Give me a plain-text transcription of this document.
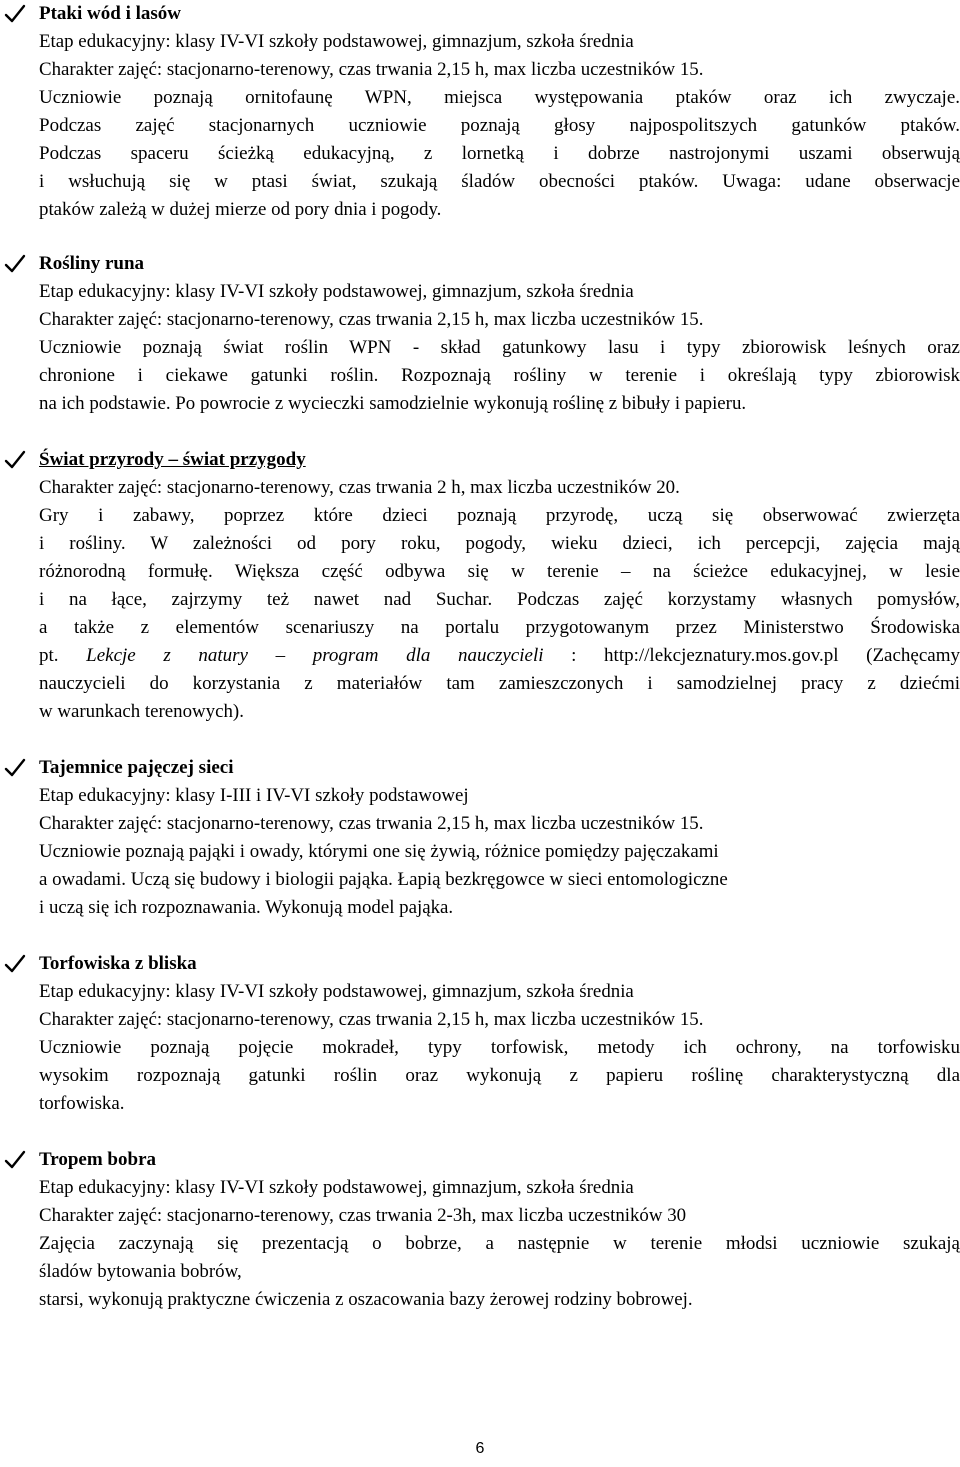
Ptaki wód i lasów
Etap edukacyjny: klasy IV-VI szkoły podstawowej, gimnazjum, szkoła średnia
Charakter zajęć: stacjonarno-terenowy, czas trwania 2,15 h, max liczba uczestników 15.
Uczniowie poznają ornitofaunę WPN, miejsca występowania ptaków oraz ich zwyczaje.
Podczas zajęć stacjonarnych uczniowie poznają głosy najpospolitszych gatunków ptaków.
Podczas spaceru ścieżką edukacyjną, z lornetką i dobrze nastrojonymi uszami obserwują
i wsłuchują się w ptasi świat, szukają śladów obecności ptaków. Uwaga: udane obserwacje
ptaków zależą w dużej mierze od pory dnia i pogody.
Rośliny runa
Etap edukacyjny: klasy IV-VI szkoły podstawowej, gimnazjum, szkoła średnia
Charakter zajęć: stacjonarno-terenowy, czas trwania 2,15 h, max liczba uczestników 15.
Uczniowie poznają świat roślin WPN - skład gatunkowy lasu i typy zbiorowisk leśnych oraz
chronione i ciekawe gatunki roślin. Rozpoznają rośliny w terenie i określają typy zbiorowisk
na ich podstawie. Po powrocie z wycieczki samodzielnie wykonują roślinę z bibuły i papieru.
Świat przyrody – świat przygody
Charakter zajęć: stacjonarno-terenowy, czas trwania 2 h, max liczba uczestników 20.
Gry i zabawy, poprzez które dzieci poznają przyrodę, uczą się obserwować zwierzęta
i rośliny. W zależności od pory roku, pogody, wieku dzieci, ich percepcji, zajęcia mają
różnorodną formułę. Większa część odbywa się w terenie – na ścieżce edukacyjnej, w lesie
i na łące, zajrzymy też nawet nad Suchar. Podczas zajęć korzystamy własnych pomysłów,
a także z elementów scenariuszy na portalu przygotowanym przez Ministerstwo Środowiska
pt. Lekcje z natury – program dla nauczycieli : http://lekcjeznatury.mos.gov.pl (Zachęcamy
nauczycieli do korzystania z materiałów tam zamieszczonych i samodzielnej pracy z dziećmi
w warunkach terenowych).
Tajemnice pajęczej sieci
Etap edukacyjny: klasy I-III i IV-VI szkoły podstawowej
Charakter zajęć: stacjonarno-terenowy, czas trwania 2,15 h, max liczba uczestników 15.
Uczniowie poznają pająki i owady, którymi one się żywią, różnice pomiędzy pajęczakami
a owadami. Uczą się budowy i biologii pająka. Łapią bezkręgowce w sieci entomologiczne
i uczą się ich rozpoznawania. Wykonują model pająka.
Torfowiska z bliska
Etap edukacyjny: klasy IV-VI szkoły podstawowej, gimnazjum, szkoła średnia
Charakter zajęć: stacjonarno-terenowy, czas trwania 2,15 h, max liczba uczestników 15.
Uczniowie poznają pojęcie mokradeł, typy torfowisk, metody ich ochrony, na torfowisku
wysokim rozpoznają gatunki roślin oraz wykonują z papieru roślinę charakterystyczną dla
torfowiska.
Tropem bobra
Etap edukacyjny: klasy IV-VI szkoły podstawowej, gimnazjum, szkoła średnia
Charakter zajęć: stacjonarno-terenowy, czas trwania 2-3h, max liczba uczestników 30
Zajęcia zaczynają się prezentacją o bobrze, a następnie w terenie młodsi uczniowie szukają
śladów bytowania bobrów,
starsi, wykonują praktyczne ćwiczenia z oszacowania bazy żerowej rodziny bobrowej.
6
